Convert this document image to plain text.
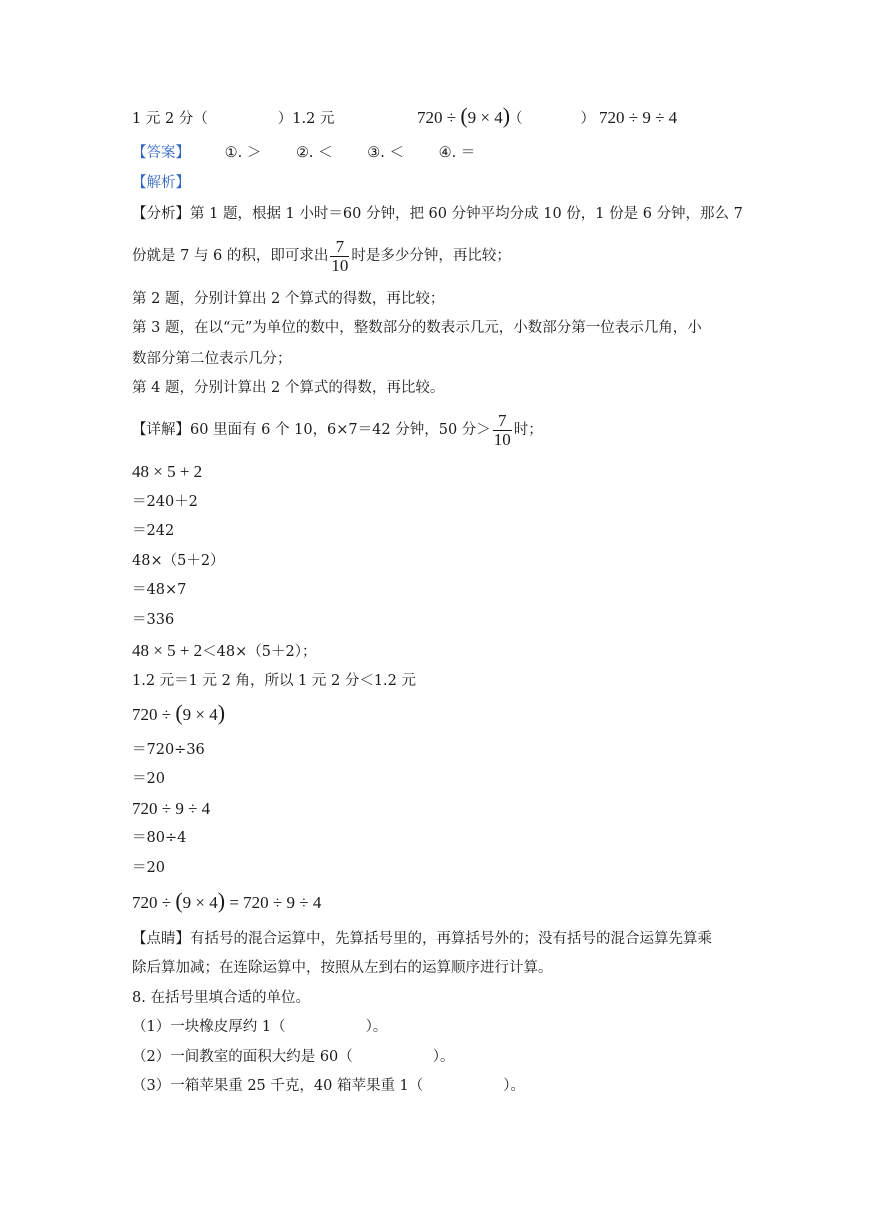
1 元 2 分（	）1.2 元	720 ÷ (9 × 4)
（	） 720 ÷ 9 ÷ 4
【答案】 ①. ＞ ②. ＜ ③. ＜ ④. ＝
【解析】
【分析】第 1 题，根据 1 小时＝60 分钟，把 60 分钟平均分成 10 份，1 份是 6 分钟，那么 7
份就是 7 与 6 的积，即可求出 $\frac{7}{10}$ 时是多少分钟，再比较；
第 2 题，分别计算出 2 个算式的得数，再比较；
第 3 题，在以“元”为单位的数中，整数部分的数表示几元，小数部分第一位表示几角，小
数部分第二位表示几分；
第 4 题，分别计算出 2 个算式的得数，再比较。
【详解】60 里面有 6 个 10，6×7＝42 分钟，50 分＞ $\frac{7}{10}$ 时；
48 × 5 + 2
＝240＋2
＝242
48×（5＋2）
＝48×7
＝336
48 × 5 + 2＜48×（5＋2）；
1.2 元＝1 元 2 角，所以 1 元 2 分＜1.2 元
720 ÷ (9 × 4)
＝720÷36
＝20
720 ÷ 9 ÷ 4
＝80÷4
＝20
720 ÷ (9 × 4) = 720 ÷ 9 ÷ 4
【点睛】有括号的混合运算中，先算括号里的，再算括号外的；没有括号的混合运算先算乘
除后算加减；在连除运算中，按照从左到右的运算顺序进行计算。
8. 在括号里填合适的单位。
（1）一块橡皮厚约 1（	）。
（2）一间教室的面积大约是 60（	）。
（3）一箱苹果重 25 千克，40 箱苹果重 1（	）。
